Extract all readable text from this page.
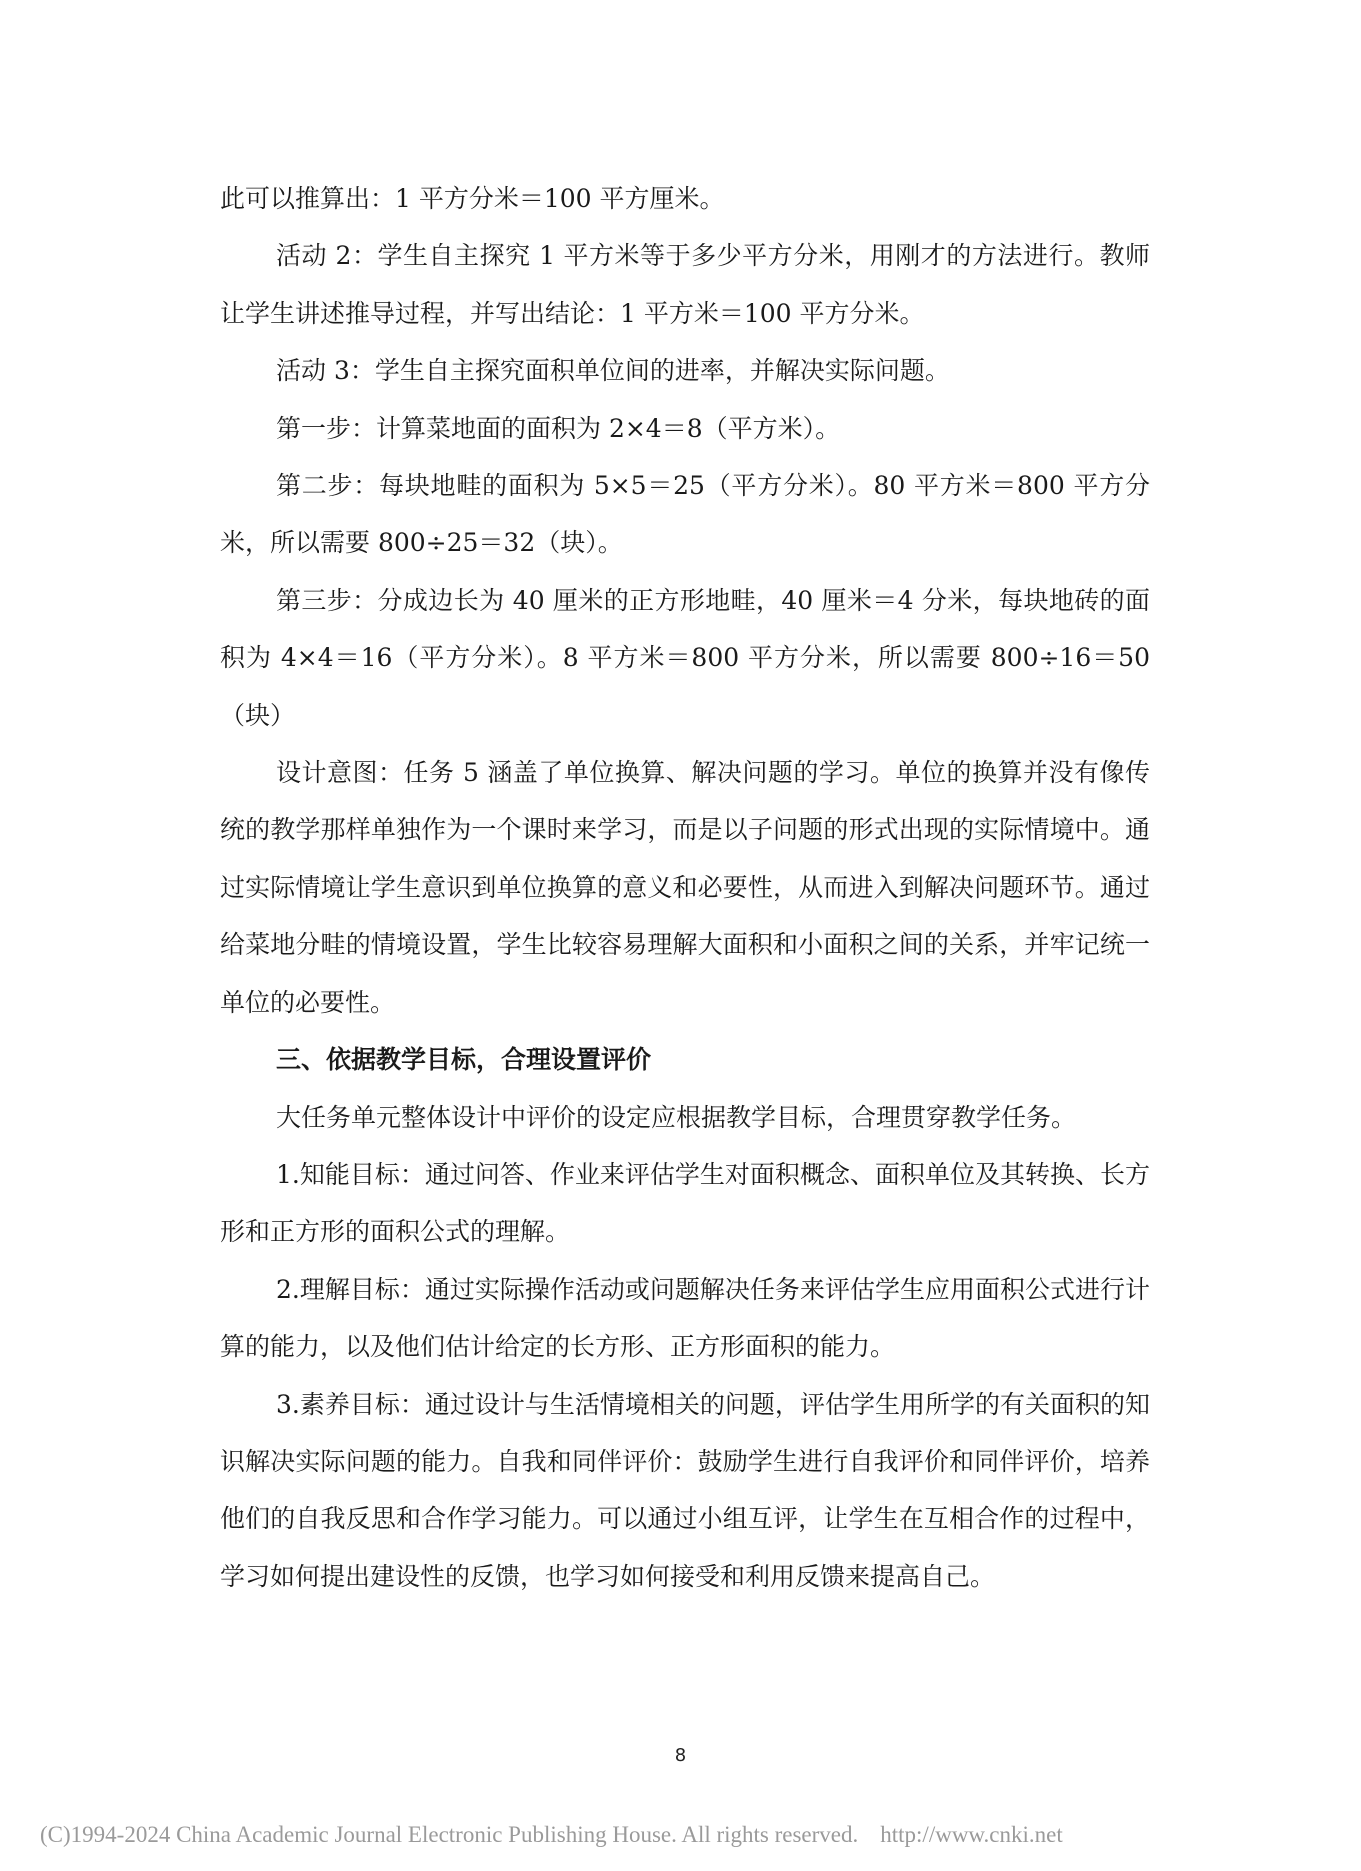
此可以推算出：1 平方分米＝100 平方厘米。

活动 2：学生自主探究 1 平方米等于多少平方分米，用刚才的方法进行。教师让学生讲述推导过程，并写出结论：1 平方米＝100 平方分米。

活动 3：学生自主探究面积单位间的进率，并解决实际问题。

第一步：计算菜地面的面积为 2×4＝8（平方米）。

第二步：每块地畦的面积为 5×5＝25（平方分米）。80 平方米＝800 平方分米，所以需要 800÷25＝32（块）。

第三步：分成边长为 40 厘米的正方形地畦，40 厘米＝4 分米，每块地砖的面积为 4×4＝16（平方分米）。8 平方米＝800 平方分米，所以需要 800÷16＝50（块）

设计意图：任务 5 涵盖了单位换算、解决问题的学习。单位的换算并没有像传统的教学那样单独作为一个课时来学习，而是以子问题的形式出现的实际情境中。通过实际情境让学生意识到单位换算的意义和必要性，从而进入到解决问题环节。通过给菜地分畦的情境设置，学生比较容易理解大面积和小面积之间的关系，并牢记统一单位的必要性。

三、依据教学目标，合理设置评价

大任务单元整体设计中评价的设定应根据教学目标，合理贯穿教学任务。

1.知能目标：通过问答、作业来评估学生对面积概念、面积单位及其转换、长方形和正方形的面积公式的理解。

2.理解目标：通过实际操作活动或问题解决任务来评估学生应用面积公式进行计算的能力，以及他们估计给定的长方形、正方形面积的能力。

3.素养目标：通过设计与生活情境相关的问题，评估学生用所学的有关面积的知识解决实际问题的能力。自我和同伴评价：鼓励学生进行自我评价和同伴评价，培养他们的自我反思和合作学习能力。可以通过小组互评，让学生在互相合作的过程中，学习如何提出建设性的反馈，也学习如何接受和利用反馈来提高自己。

8
(C)1994-2024 China Academic Journal Electronic Publishing House. All rights reserved. http://www.cnki.net
